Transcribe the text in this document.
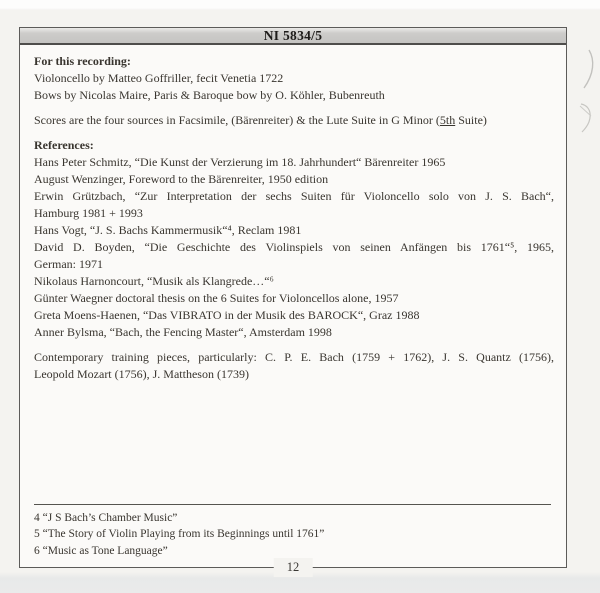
NI 5834/5
For this recording:
Violoncello by Matteo Goffriller, fecit Venetia 1722
Bows by Nicolas Maire, Paris & Baroque bow by O. Köhler, Bubenreuth
Scores are the four sources in Facsimile, (Bärenreiter) & the Lute Suite in G Minor (5th Suite)
References:
Hans Peter Schmitz, “Die Kunst der Verzierung im 18. Jahrhundert“ Bärenreiter 1965
August Wenzinger, Foreword to the Bärenreiter, 1950 edition
Erwin Grützbach, “Zur Interpretation der sechs Suiten für Violoncello solo von J. S. Bach“,
Hamburg 1981 + 1993
Hans Vogt, “J. S. Bachs Kammermusik“⁴, Reclam 1981
David D. Boyden, “Die Geschichte des Violinspiels von seinen Anfängen bis 1761“⁵, 1965,
German: 1971
Nikolaus Harnoncourt, “Musik als Klangrede…“⁶
Günter Waegner doctoral thesis on the 6 Suites for Violoncellos alone, 1957
Greta Moens-Haenen, “Das VIBRATO in der Musik des BAROCK“, Graz 1988
Anner Bylsma, “Bach, the Fencing Master“, Amsterdam 1998
Contemporary training pieces, particularly: C. P. E. Bach (1759 + 1762), J. S. Quantz (1756),
Leopold Mozart (1756), J. Mattheson (1739)
4 “J S Bach’s Chamber Music”
5 “The Story of Violin Playing from its Beginnings until 1761”
6 “Music as Tone Language”
12
